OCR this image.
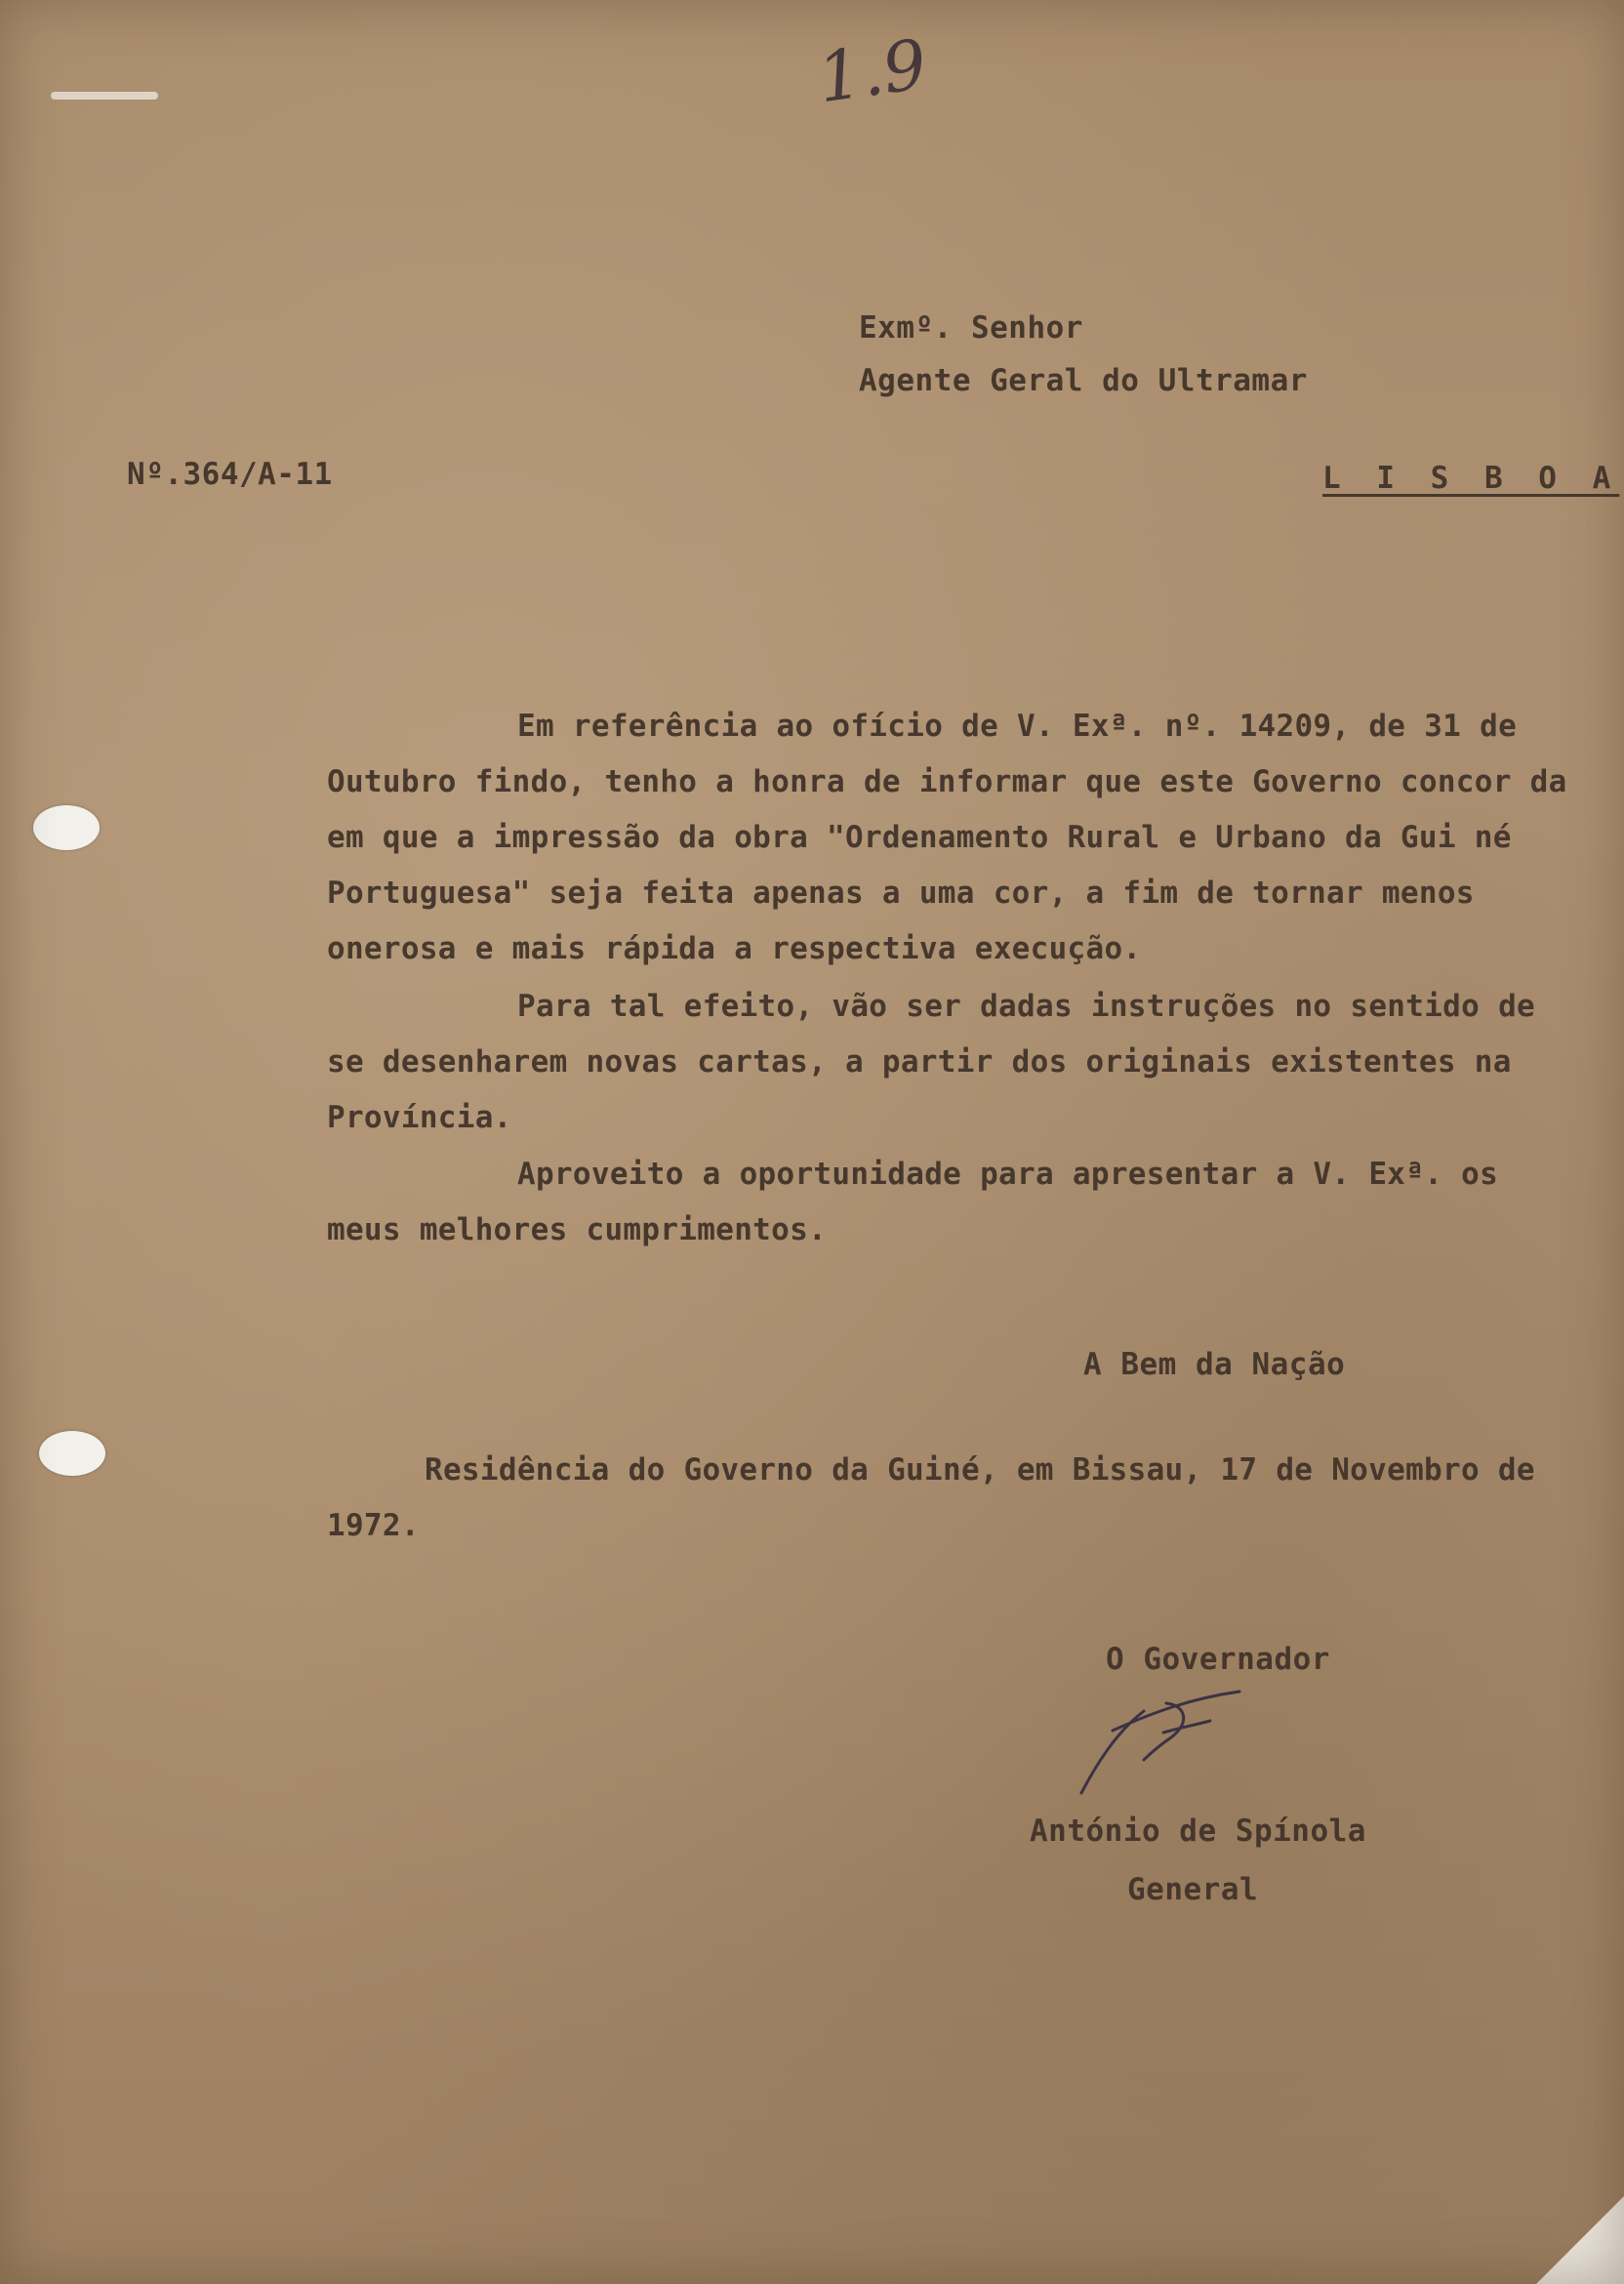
1.9
Exmº. Senhor
Agente Geral do Ultramar
Nº.364/A-11	L I S B O A
Em referência ao ofício de V. Exª. nº. 14209, de 31 de Outubro findo, tenho a honra de informar que este Governo concor da em que a impressão da obra "Ordenamento Rural e Urbano da Gui né Portuguesa" seja feita apenas a uma cor, a fim de tornar menos onerosa e mais rápida a respectiva execução.
Para tal efeito, vão ser dadas instruções no sentido de se desenharem novas cartas, a partir dos originais existentes na Província.
Aproveito a oportunidade para apresentar a V. Exª. os meus melhores cumprimentos.
A Bem da Nação
Residência do Governo da Guiné, em Bissau, 17 de Novembro de 1972.
O Governador
António de Spínola
General
